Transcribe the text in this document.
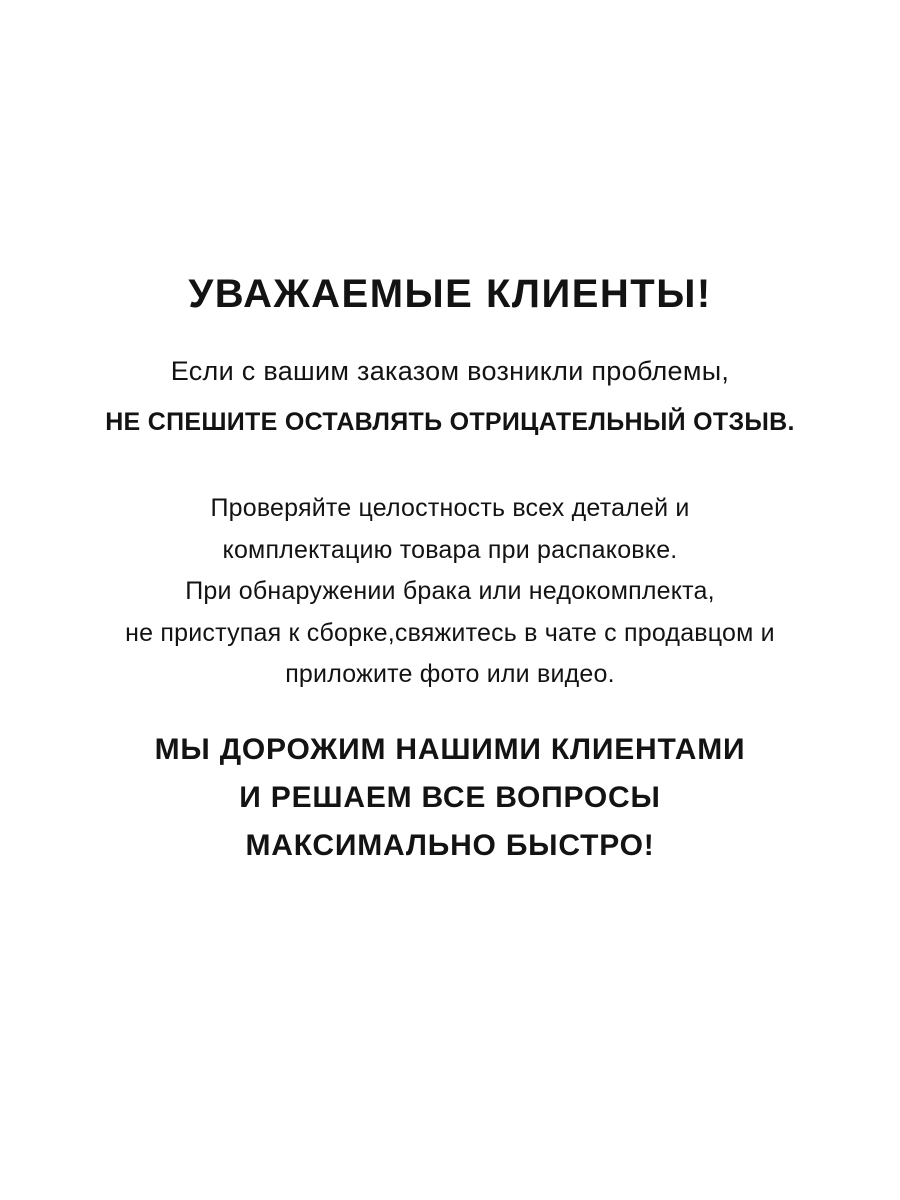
УВАЖАЕМЫЕ КЛИЕНТЫ!
Если с вашим заказом возникли проблемы,
НЕ СПЕШИТЕ ОСТАВЛЯТЬ ОТРИЦАТЕЛЬНЫЙ ОТЗЫВ.
Проверяйте целостность всех деталей и
комплектацию товара при распаковке.
При обнаружении брака или недокомплекта,
не приступая к сборке,свяжитесь в чате с продавцом и
приложите фото или видео.
МЫ ДОРОЖИМ НАШИМИ КЛИЕНТАМИ
И РЕШАЕМ ВСЕ ВОПРОСЫ
МАКСИМАЛЬНО БЫСТРО!
